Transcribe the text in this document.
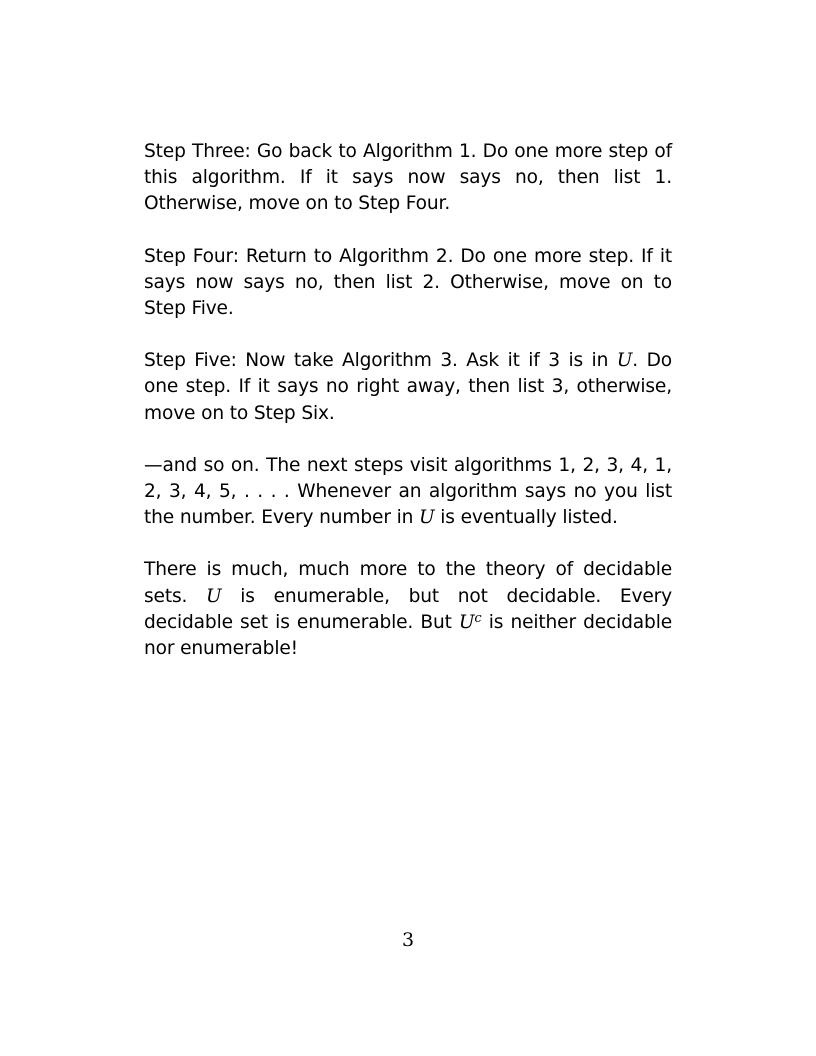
Step Three: Go back to Algorithm 1. Do one more step of this algorithm. If it says now says no, then list 1. Otherwise, move on to Step Four.

Step Four: Return to Algorithm 2. Do one more step. If it says now says no, then list 2. Otherwise, move on to Step Five.

Step Five: Now take Algorithm 3. Ask it if 3 is in U. Do one step. If it says no right away, then list 3, otherwise, move on to Step Six.

—and so on. The next steps visit algorithms 1, 2, 3, 4, 1, 2, 3, 4, 5, . . . . Whenever an algorithm says no you list the number. Every number in U is eventually listed.

There is much, much more to the theory of decidable sets. U is enumerable, but not decidable. Every decidable set is enumerable. But $U^c$ is neither decidable nor enumerable!

3
